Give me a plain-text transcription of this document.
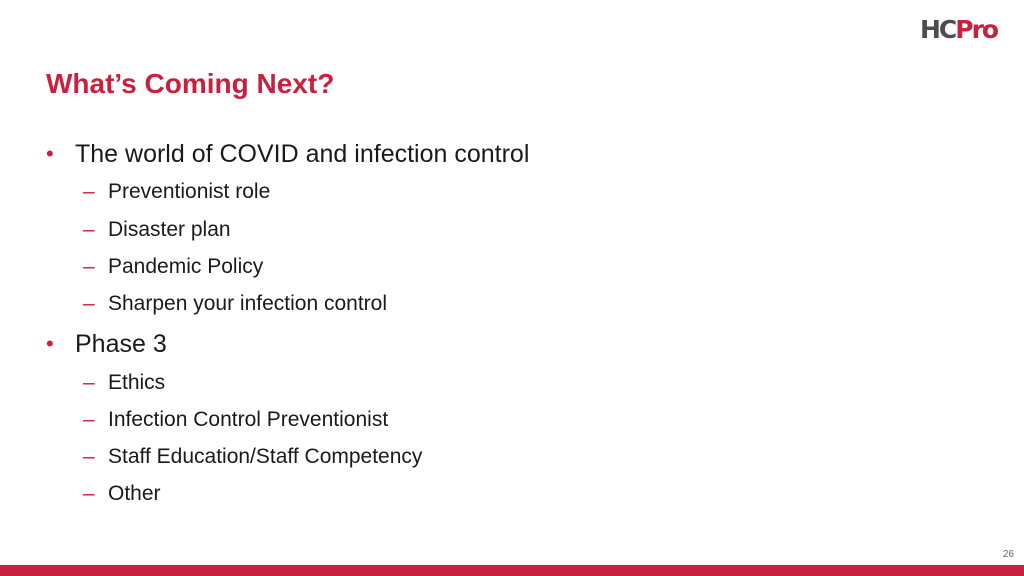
HCPro
What’s Coming Next?
• The world of COVID and infection control
– Preventionist role
– Disaster plan
– Pandemic Policy
– Sharpen your infection control
• Phase 3
– Ethics
– Infection Control Preventionist
– Staff Education/Staff Competency
– Other
26
